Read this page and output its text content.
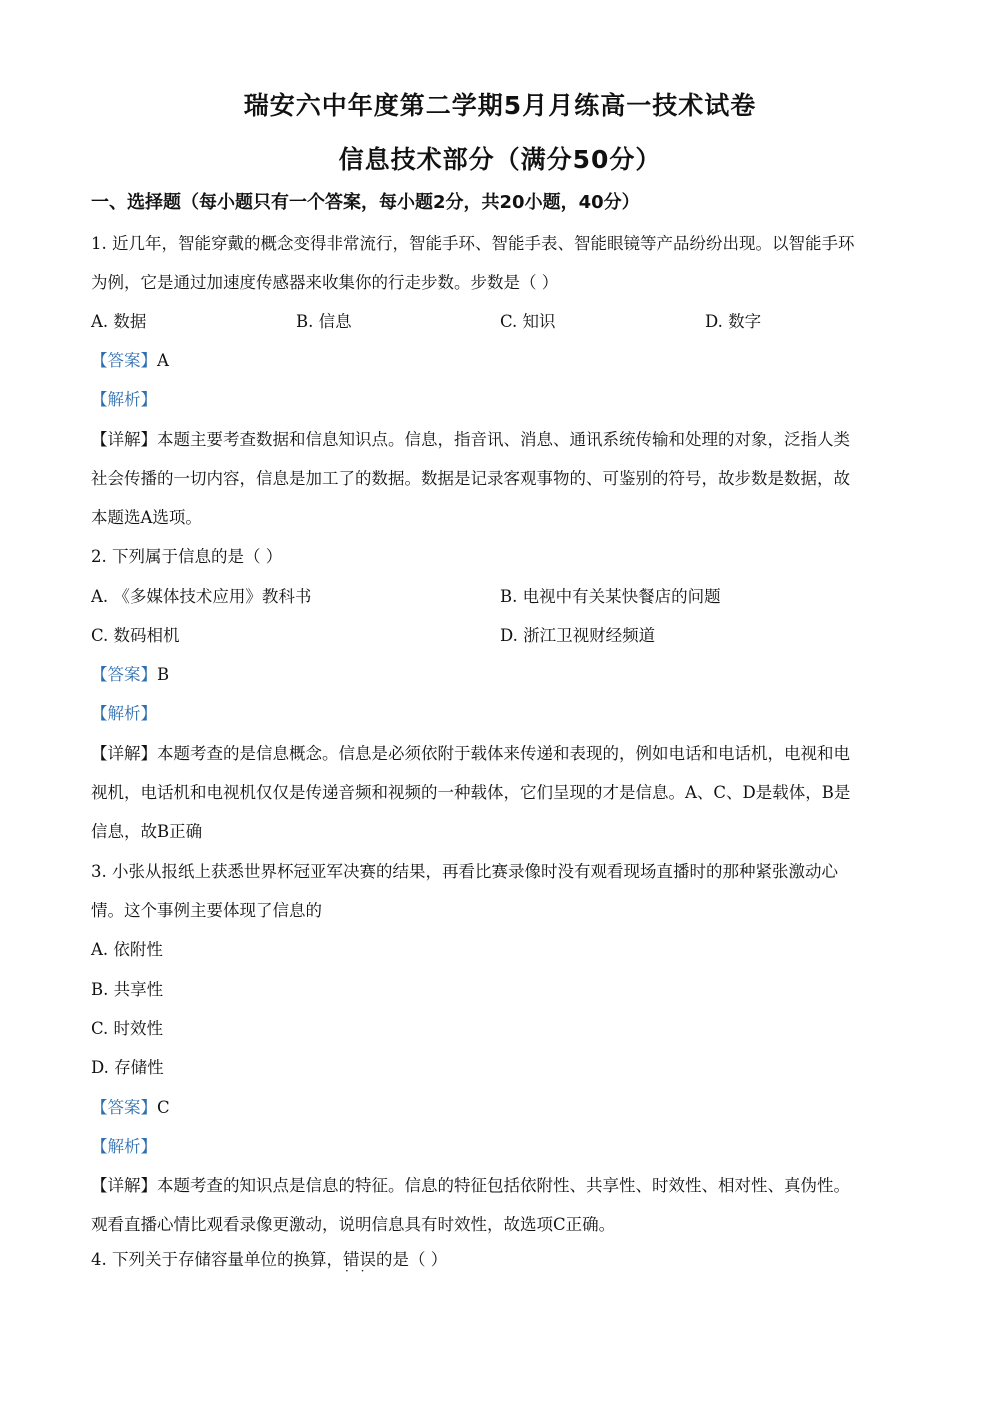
瑞安六中年度第二学期5月月练高一技术试卷
信息技术部分（满分50分）
一、选择题（每小题只有一个答案，每小题2分，共20小题，40分）
1. 近几年，智能穿戴的概念变得非常流行，智能手环、智能手表、智能眼镜等产品纷纷出现。以智能手环
为例，它是通过加速度传感器来收集你的行走步数。步数是（ ）
A. 数据	B. 信息	C. 知识	D. 数字
【答案】A
【解析】
【详解】本题主要考查数据和信息知识点。信息，指音讯、消息、通讯系统传输和处理的对象，泛指人类
社会传播的一切内容，信息是加工了的数据。数据是记录客观事物的、可鉴别的符号，故步数是数据，故
本题选A选项。
2. 下列属于信息的是（ ）
A. 《多媒体技术应用》教科书	B. 电视中有关某快餐店的问题
C. 数码相机	D. 浙江卫视财经频道
【答案】B
【解析】
【详解】本题考查的是信息概念。信息是必须依附于载体来传递和表现的，例如电话和电话机，电视和电
视机，电话机和电视机仅仅是传递音频和视频的一种载体，它们呈现的才是信息。A、C、D是载体，B是
信息，故B正确
3. 小张从报纸上获悉世界杯冠亚军决赛的结果，再看比赛录像时没有观看现场直播时的那种紧张激动心
情。这个事例主要体现了信息的
A. 依附性
B. 共享性
C. 时效性
D. 存储性
【答案】C
【解析】
【详解】本题考查的知识点是信息的特征。信息的特征包括依附性、共享性、时效性、相对性、真伪性。
观看直播心情比观看录像更激动，说明信息具有时效性，故选项C正确。
4. 下列关于存储容量单位的换算，错误 · ·的是（ ）
